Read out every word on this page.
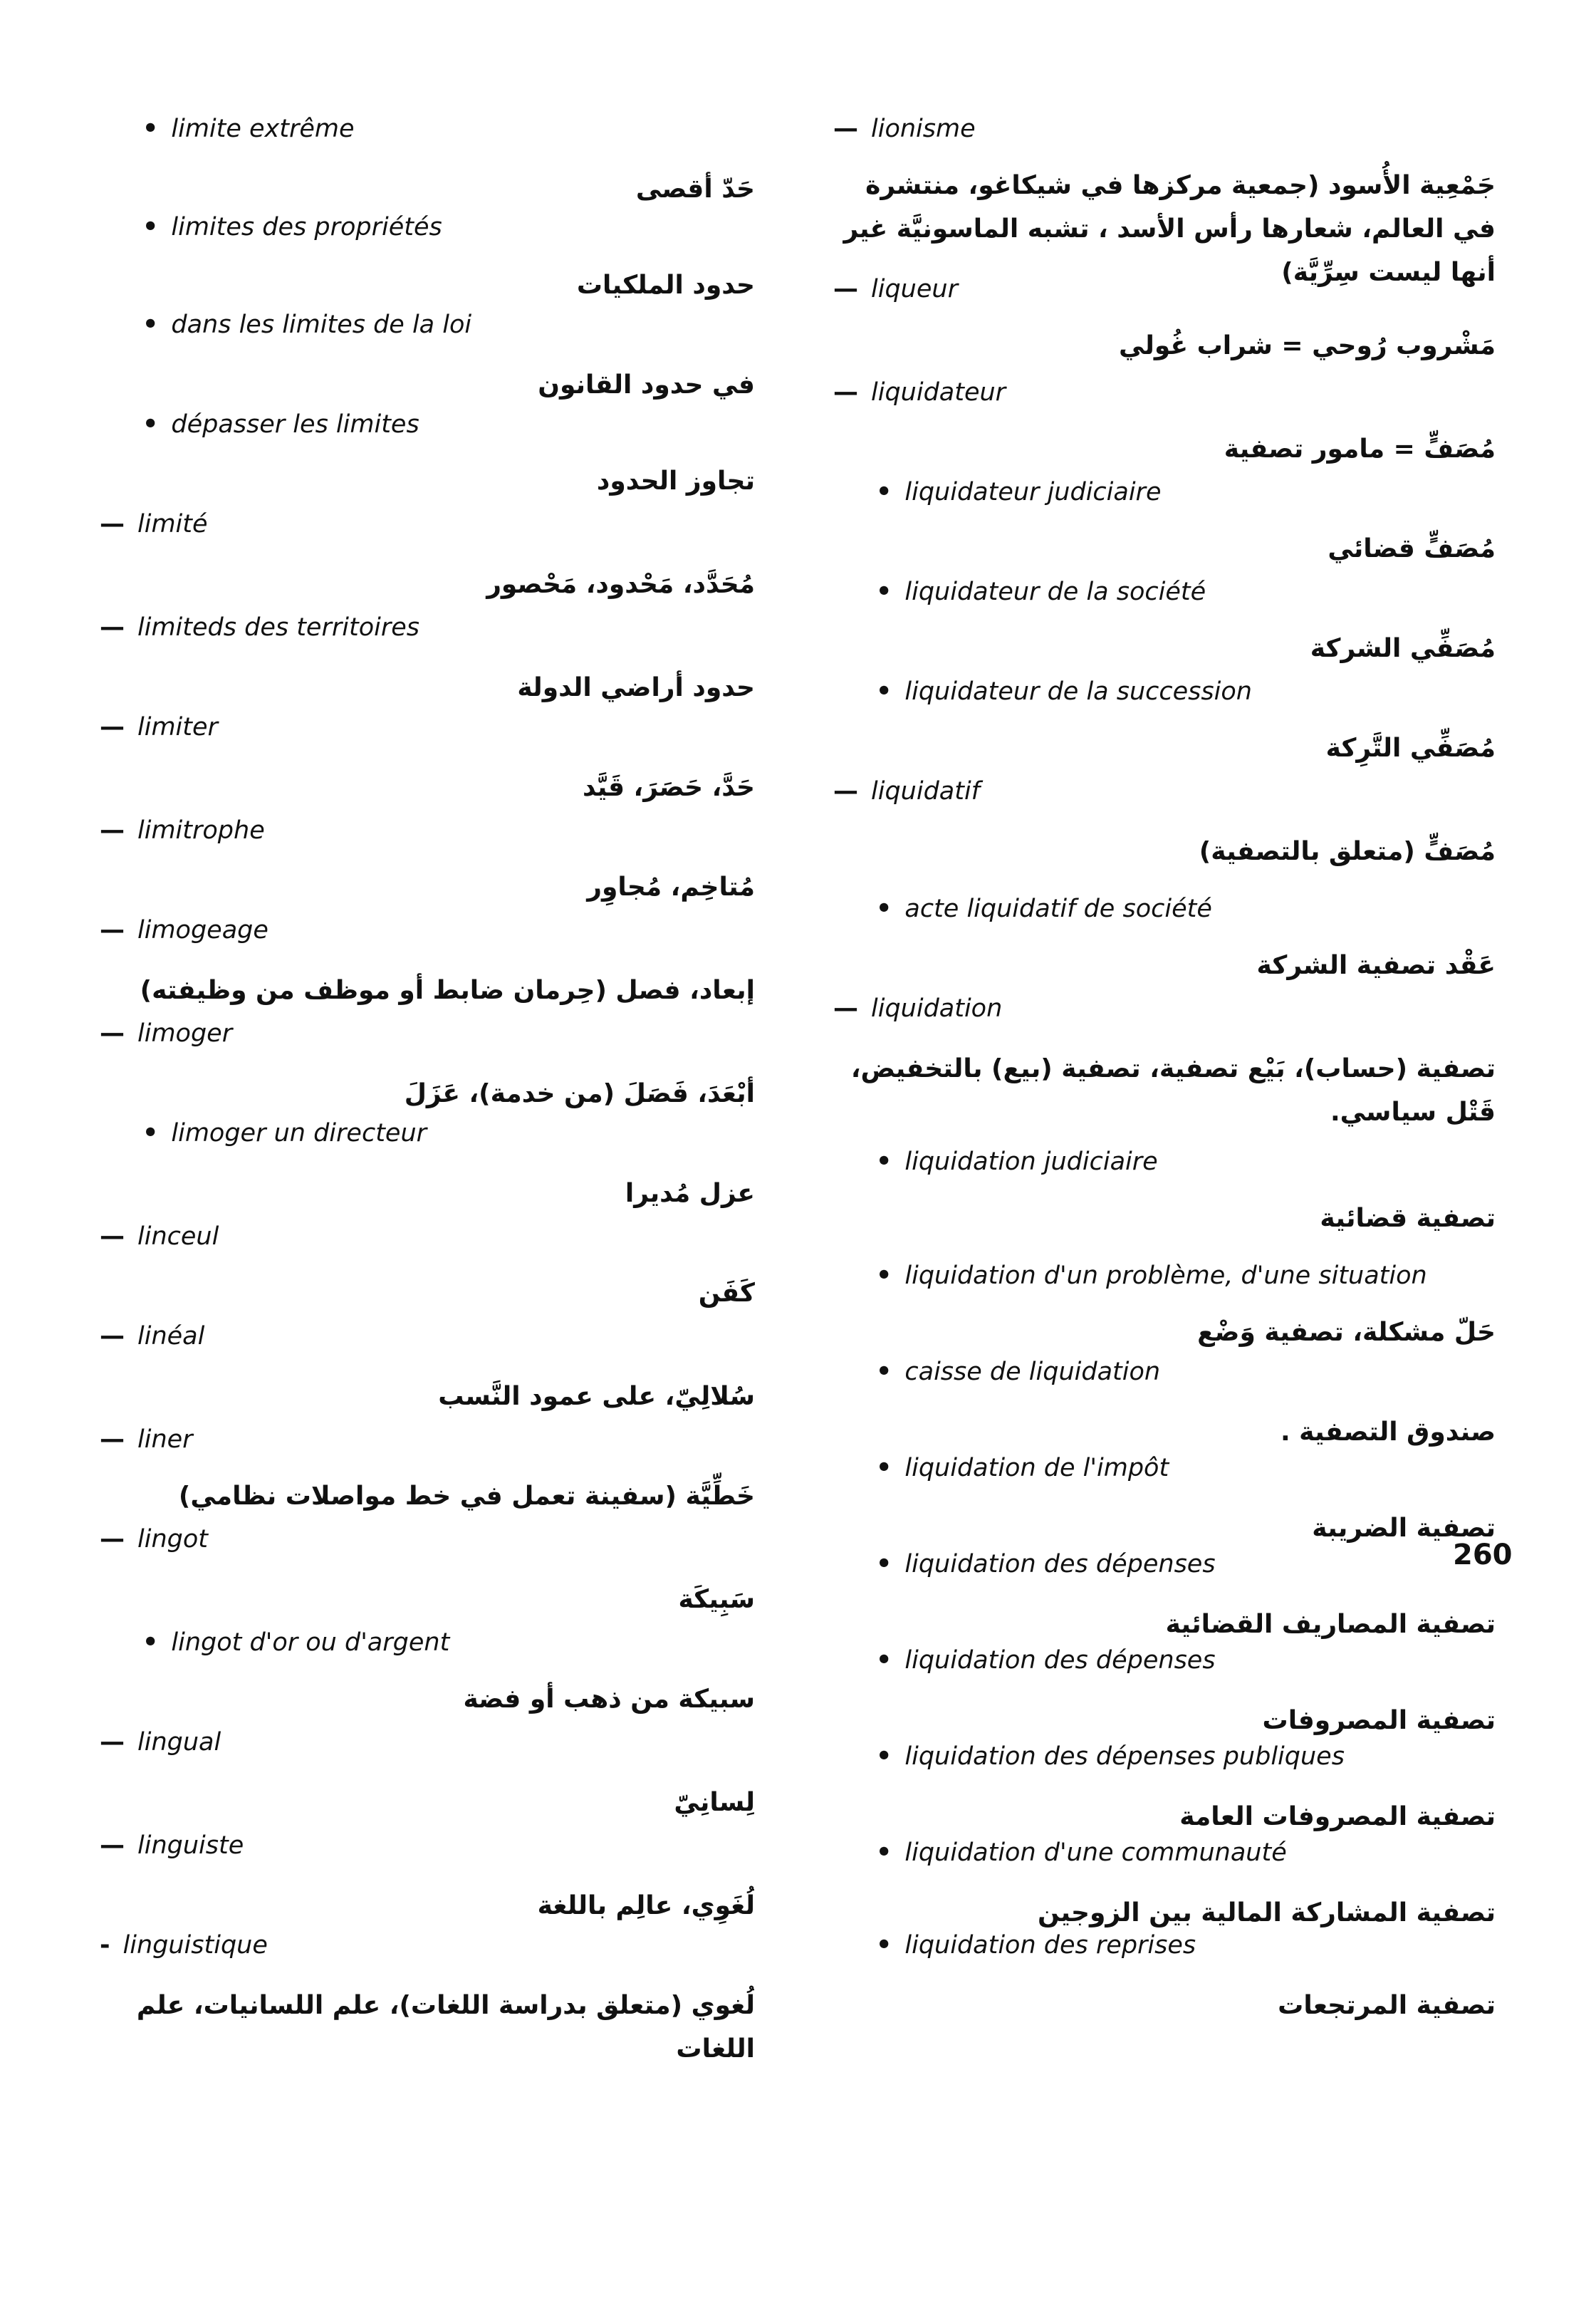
• limite extrême
حَدّ أقصى
• limites des propriétés
حدود الملكيات
• dans les limites de la loi
في حدود القانون
• dépasser les limites
تجاوز الحدود
— limité
مُحَدَّد، مَحْدود، مَحْصور
— limiteds des territoires
حدود أراضي الدولة
— limiter
حَدَّ، حَصَرَ، قَيَّد
— limitrophe
مُتاخِم، مُجاوِر
— limogeage
إبعاد، فصل (حِرمان ضابط أو موظف من وظيفته)
— limoger
أبْعَدَ، فَصَلَ (من خدمة)، عَزَلَ
• limoger un directeur
عزل مُديرا
— linceul
كَفَن
— linéal
سُلالِيّ، على عمود النَّسب
— liner
خَطِّيَّة (سفينة تعمل في خط مواصلات نظامي)
— lingot
سَبِيكَة
• lingot d'or ou d'argent
سبيكة من ذهب أو فضة
— lingual
لِسانِيّ
— linguiste
لُغَوِي، عالِم باللغة
- linguistique
لُغوي (متعلق بدراسة اللغات)، علم اللسانيات، علم اللغات
— lionisme
جَمْعِية الأُسود (جمعية مركزها في شيكاغو، منتشرة في العالم، شعارها رأس الأسد ، تشبه الماسونيَّة غير أنها ليست سِرِّيَّة)
— liqueur
مَشْروب رُوحي = شراب غُولي
— liquidateur
مُصَفٍّ = مامور تصفية
• liquidateur judiciaire
مُصَفٍّ قضائي
• liquidateur de la société
مُصَفِّي الشركة
• liquidateur de la succession
مُصَفِّي التَّرِكة
— liquidatif
مُصَفٍّ (متعلق بالتصفية)
• acte liquidatif de société
عَقْد تصفية الشركة
— liquidation
تصفية (حساب)، بَيْع تصفية، تصفية (بيع) بالتخفيض، قَتْل سياسي.
• liquidation judiciaire
تصفية قضائية
• liquidation d'un problème, d'une situation
حَلّ مشكلة، تصفية وَضْع
• caisse de liquidation
صندوق التصفية .
• liquidation de l'impôt
تصفية الضريبة
• liquidation des dépenses
تصفية المصاريف القضائية
• liquidation des dépenses
تصفية المصروفات
• liquidation des dépenses publiques
تصفية المصروفات العامة
• liquidation d'une communauté
تصفية المشاركة المالية بين الزوجين
• liquidation des reprises
تصفية المرتجعات
260
